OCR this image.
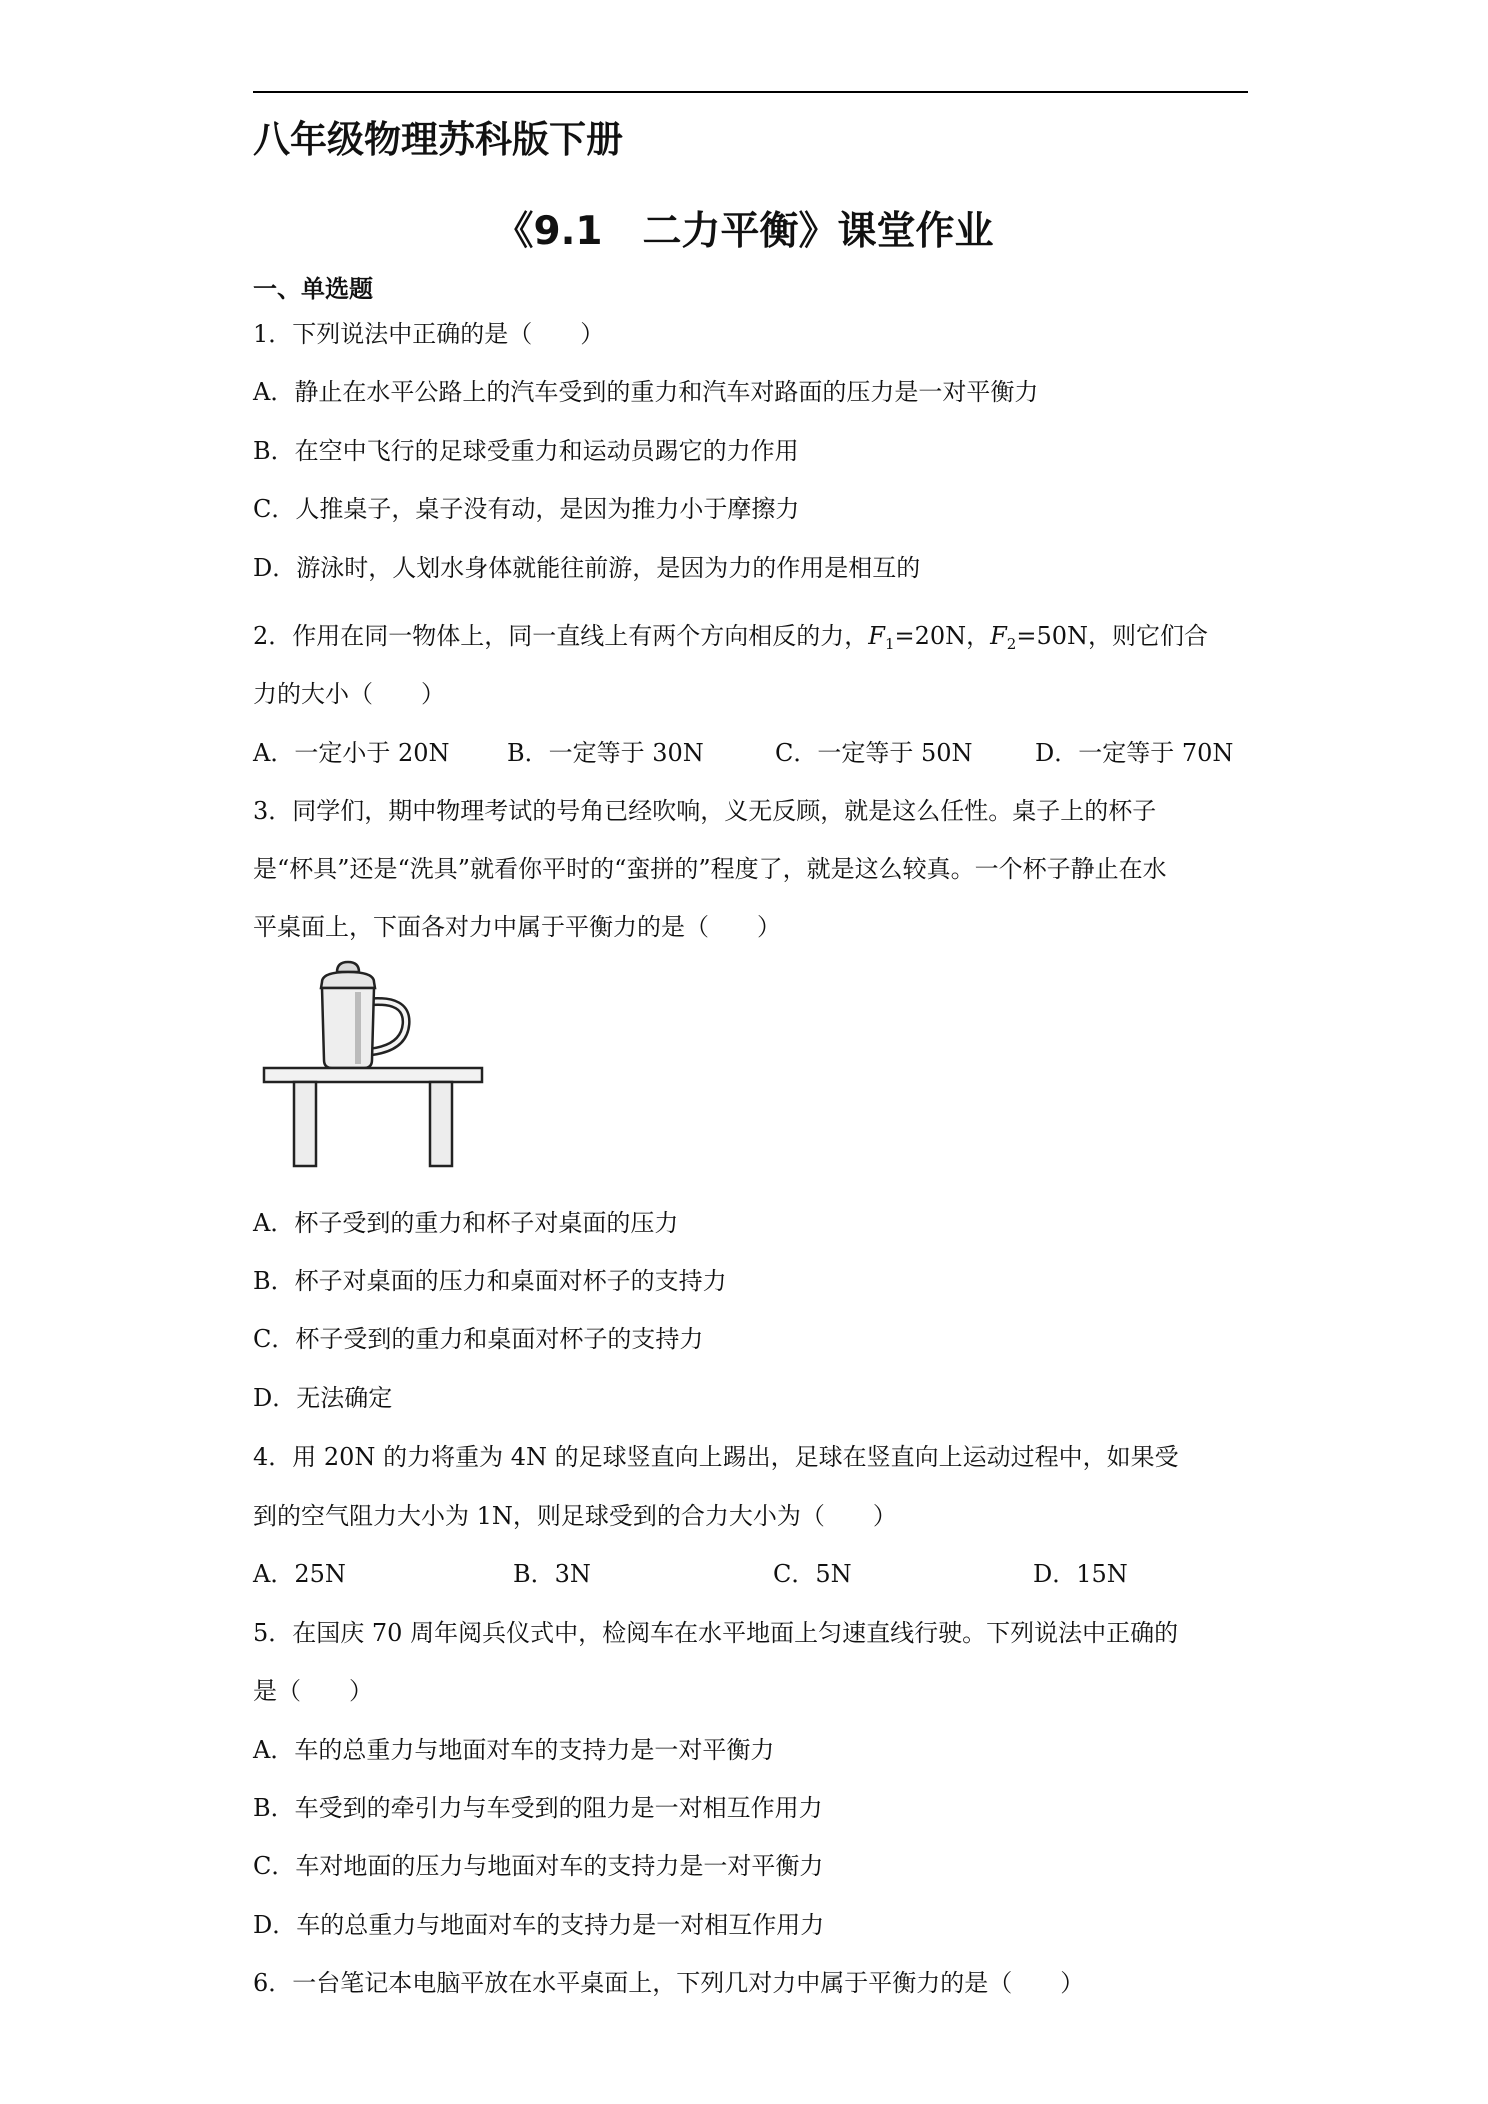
八年级物理苏科版下册
《9.1 二力平衡》课堂作业
一、单选题
1．下列说法中正确的是（　　）
A．静止在水平公路上的汽车受到的重力和汽车对路面的压力是一对平衡力
B．在空中飞行的足球受重力和运动员踢它的力作用
C．人推桌子，桌子没有动，是因为推力小于摩擦力
D．游泳时，人划水身体就能往前游，是因为力的作用是相互的
2．作用在同一物体上，同一直线上有两个方向相反的力，$F_1=20N$，$F_2=50N$，则它们合
力的大小（　　）
A．一定小于 20N B．一定等于 30N	C．一定等于 50N	D．一定等于 70N
3．同学们，期中物理考试的号角已经吹响，义无反顾，就是这么任性。桌子上的杯子
是“杯具”还是“洗具”就看你平时的“蛮拼的”程度了，就是这么较真。一个杯子静止在水
平桌面上，下面各对力中属于平衡力的是（　　）
A．杯子受到的重力和杯子对桌面的压力
B．杯子对桌面的压力和桌面对杯子的支持力
C．杯子受到的重力和桌面对杯子的支持力
D．无法确定
4．用 20N 的力将重为 4N 的足球竖直向上踢出，足球在竖直向上运动过程中，如果受
到的空气阻力大小为 1N，则足球受到的合力大小为（　　）
A．25N	B．3N	C．5N	D．15N
5．在国庆 70 周年阅兵仪式中，检阅车在水平地面上匀速直线行驶。下列说法中正确的
是（　　）
A．车的总重力与地面对车的支持力是一对平衡力
B．车受到的牵引力与车受到的阻力是一对相互作用力
C．车对地面的压力与地面对车的支持力是一对平衡力
D．车的总重力与地面对车的支持力是一对相互作用力
6．一台笔记本电脑平放在水平桌面上，下列几对力中属于平衡力的是（　　）
